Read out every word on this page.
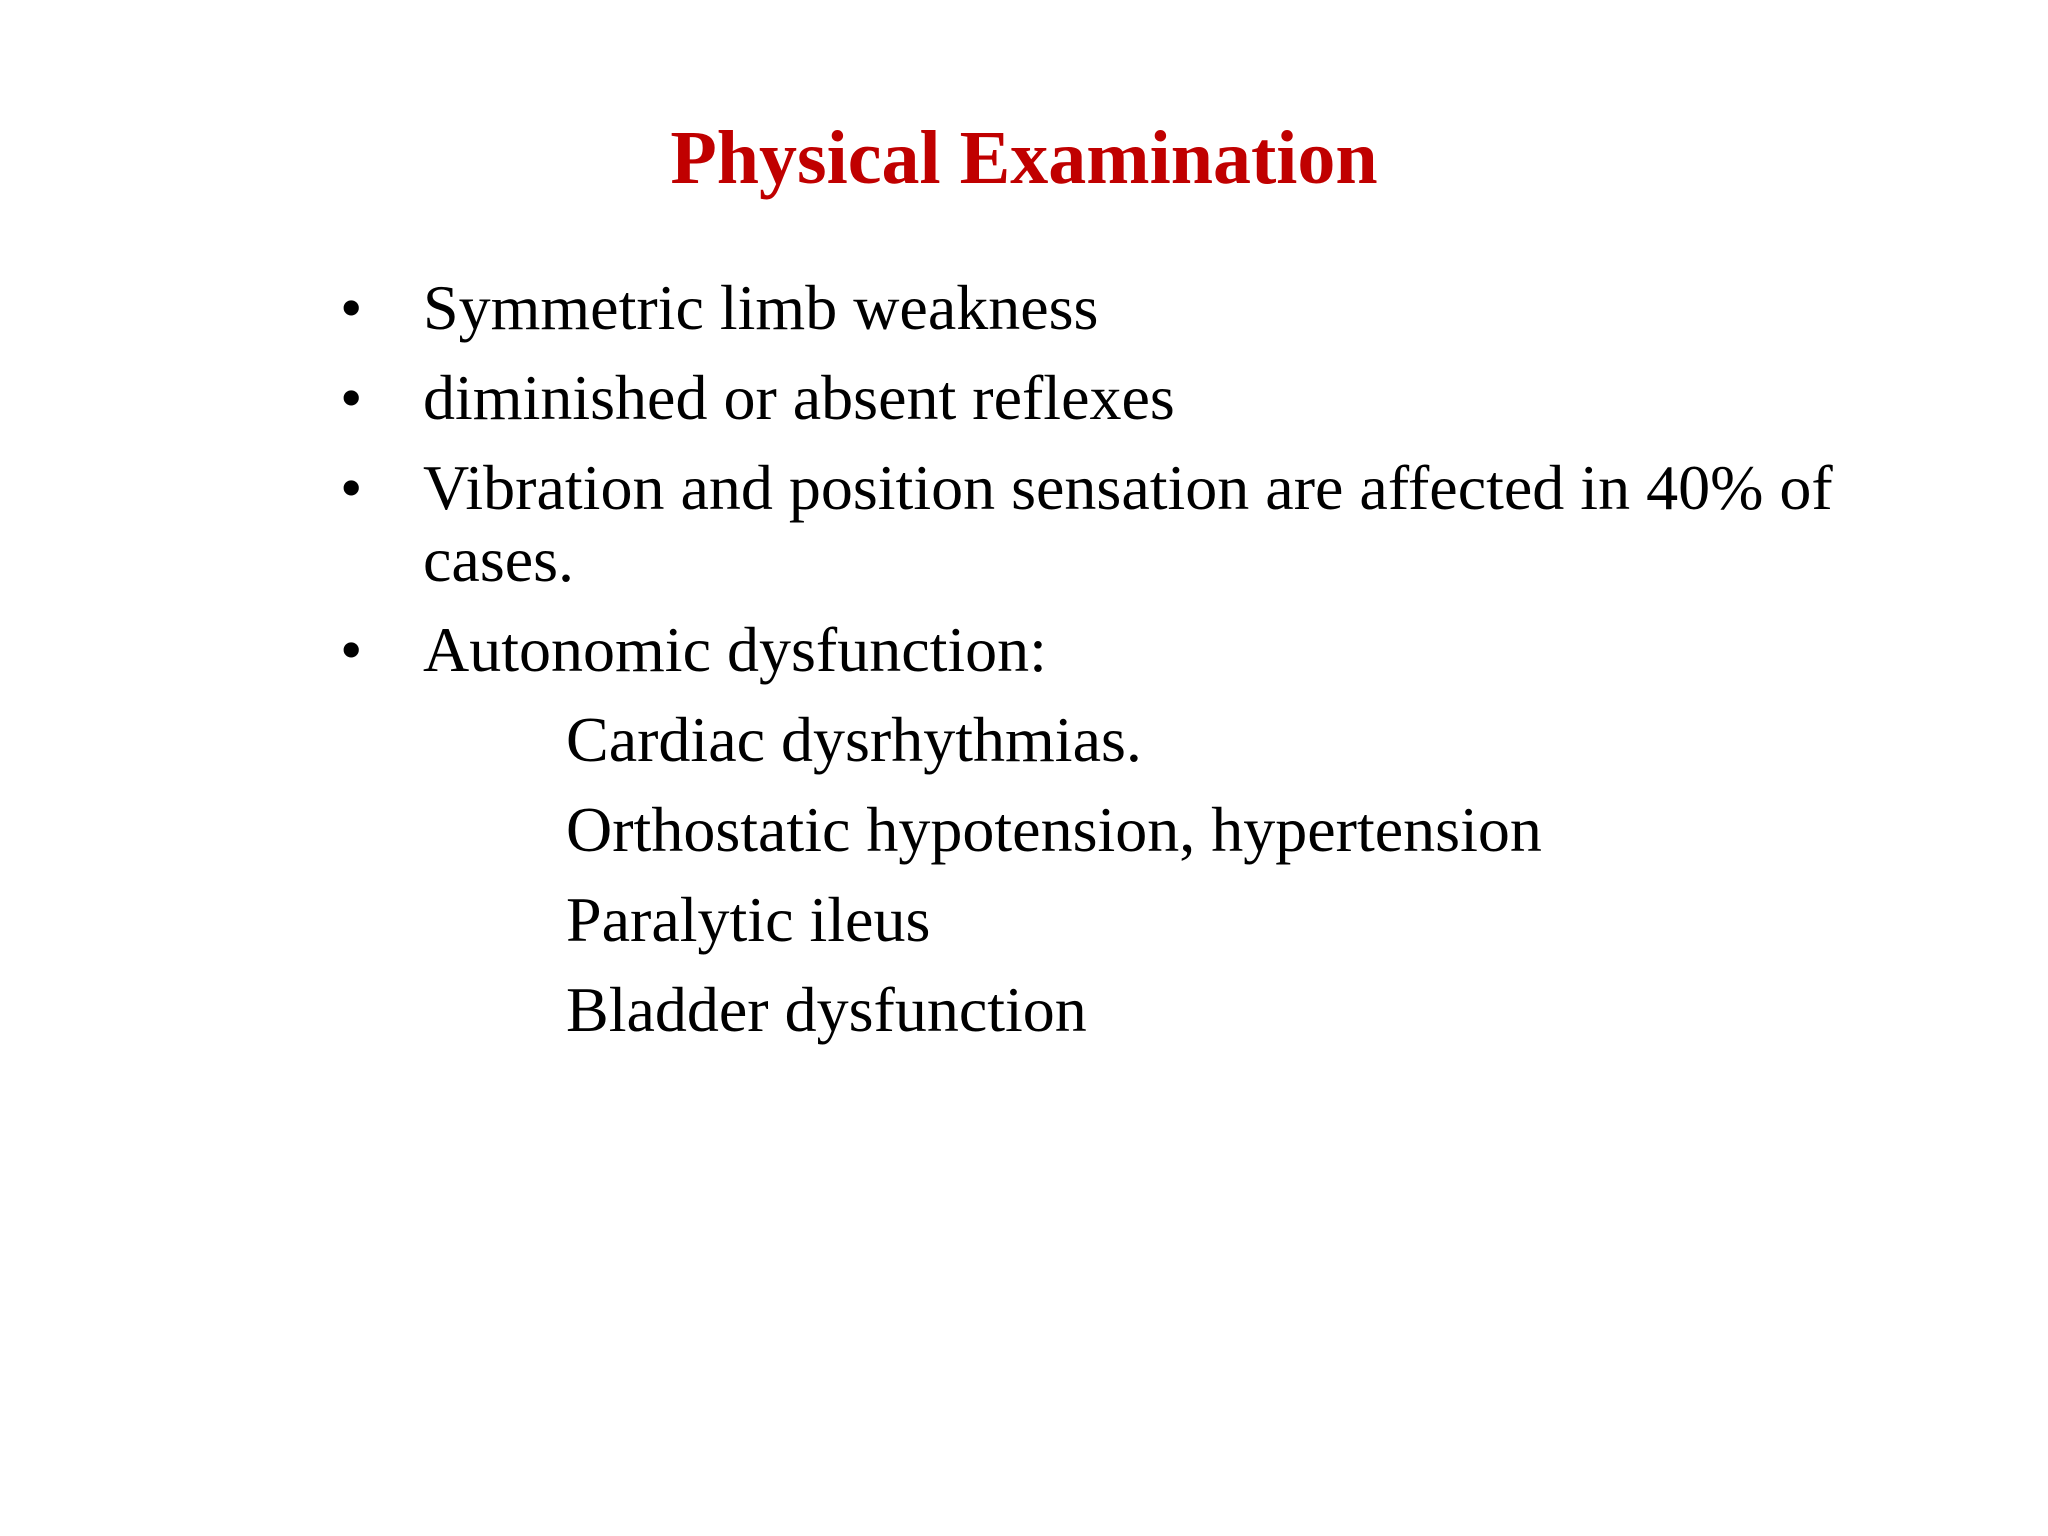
Physical Examination
• Symmetric limb weakness
• diminished or absent reflexes
• Vibration and position sensation are affected in 40% of cases.
• Autonomic dysfunction:
Cardiac dysrhythmias.
Orthostatic hypotension, hypertension
Paralytic ileus
Bladder dysfunction
